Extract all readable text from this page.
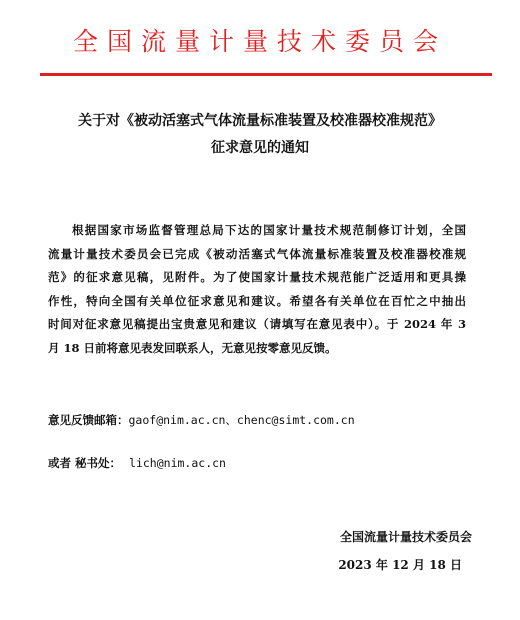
全国流量计量技术委员会
关于对《被动活塞式气体流量标准装置及校准器校准规范》
征求意见的通知
根据国家市场监督管理总局下达的国家计量技术规范制修订计划，全国
流量计量技术委员会已完成《被动活塞式气体流量标准装置及校准器校准规
范》的征求意见稿，见附件。为了使国家计量技术规范能广泛适用和更具操
作性，特向全国有关单位征求意见和建议。希望各有关单位在百忙之中抽出
时间对征求意见稿提出宝贵意见和建议（请填写在意见表中）。于 2024 年 3
月 18 日前将意见表发回联系人，无意见按零意见反馈。
意见反馈邮箱：gaof@nim.ac.cn、chenc@simt.com.cn
或者 秘书处： lich@nim.ac.cn
全国流量计量技术委员会
2023 年 12 月 18 日
